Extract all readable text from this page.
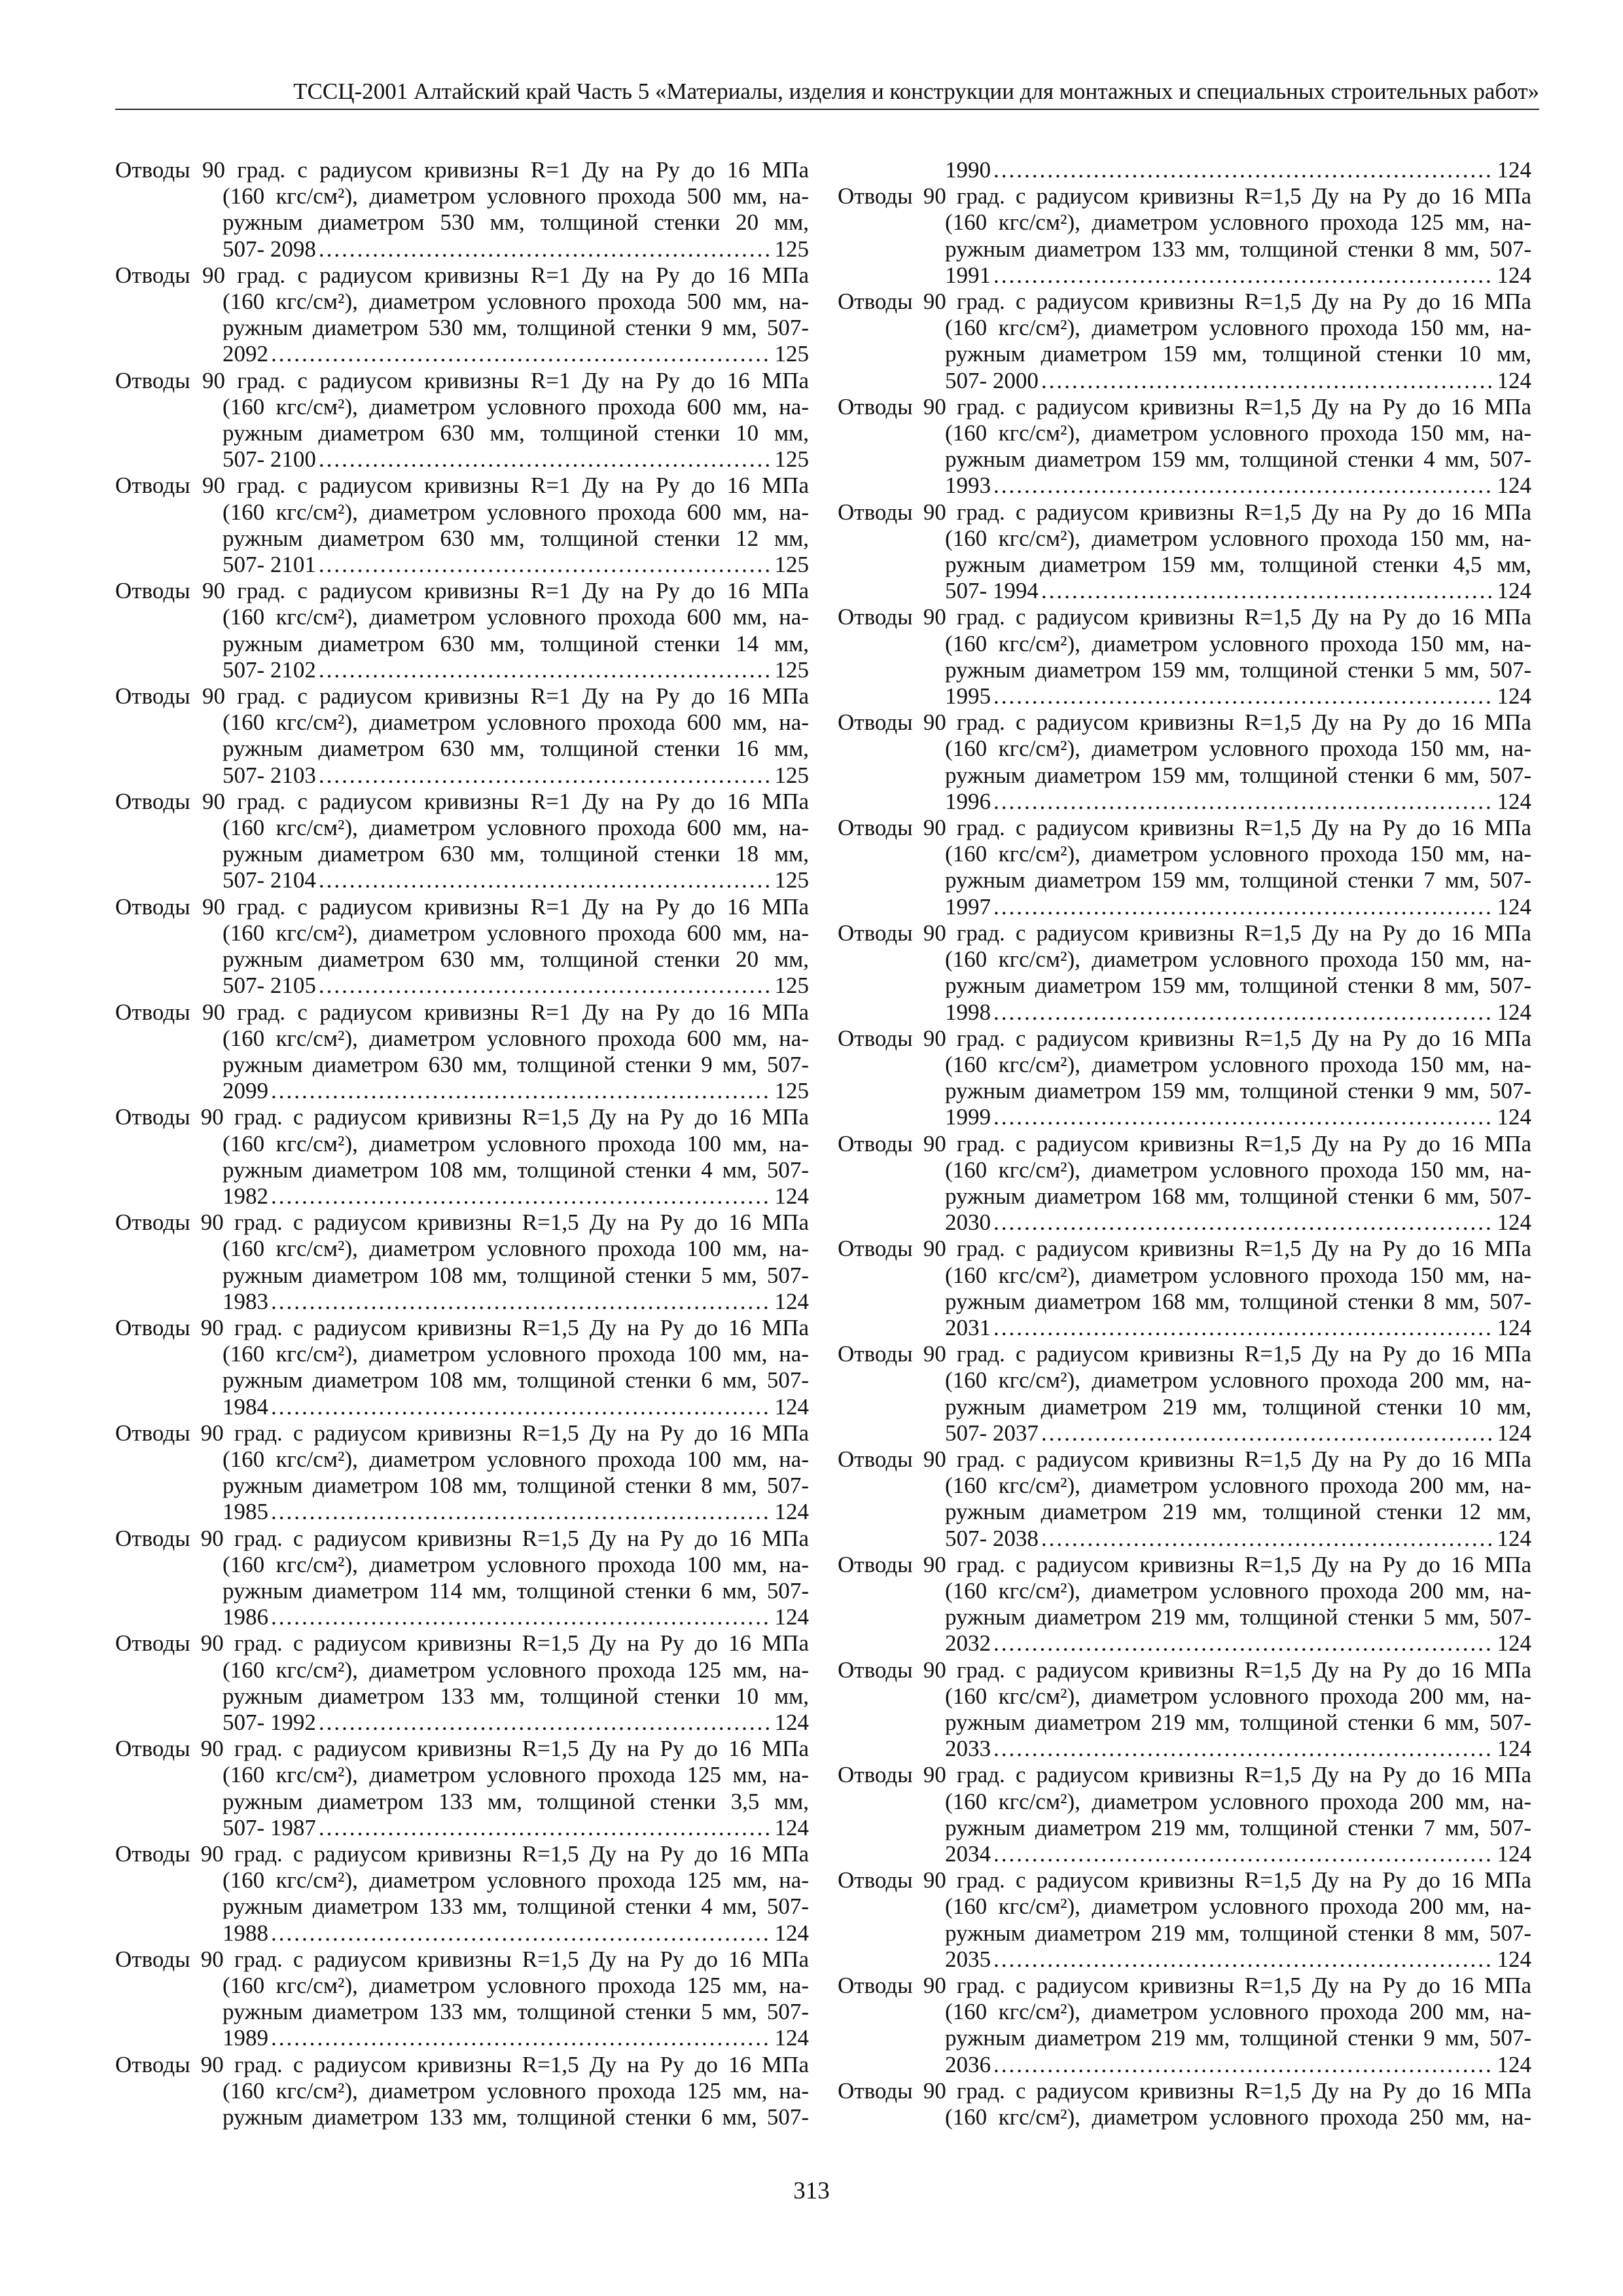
ТССЦ-2001 Алтайский край Часть 5 «Материалы, изделия и конструкции для монтажных и специальных строительных работ»
Отводы 90 град. с радиусом кривизны R=1 Ду на Ру до 16 МПа
(160 кгс/см²), диаметром условного прохода 500 мм, на-
ружным диаметром 530 мм, толщиной стенки 20 мм,
507- 2098 .....	125
Отводы 90 град. с радиусом кривизны R=1 Ду на Ру до 16 МПа
(160 кгс/см²), диаметром условного прохода 500 мм, на-
ружным диаметром 530 мм, толщиной стенки 9 мм, 507-
2092 .....	125
Отводы 90 град. с радиусом кривизны R=1 Ду на Ру до 16 МПа
(160 кгс/см²), диаметром условного прохода 600 мм, на-
ружным диаметром 630 мм, толщиной стенки 10 мм,
507- 2100 .....	125
Отводы 90 град. с радиусом кривизны R=1 Ду на Ру до 16 МПа
(160 кгс/см²), диаметром условного прохода 600 мм, на-
ружным диаметром 630 мм, толщиной стенки 12 мм,
507- 2101 .....	125
Отводы 90 град. с радиусом кривизны R=1 Ду на Ру до 16 МПа
(160 кгс/см²), диаметром условного прохода 600 мм, на-
ружным диаметром 630 мм, толщиной стенки 14 мм,
507- 2102 .....	125
Отводы 90 град. с радиусом кривизны R=1 Ду на Ру до 16 МПа
(160 кгс/см²), диаметром условного прохода 600 мм, на-
ружным диаметром 630 мм, толщиной стенки 16 мм,
507- 2103 .....	125
Отводы 90 град. с радиусом кривизны R=1 Ду на Ру до 16 МПа
(160 кгс/см²), диаметром условного прохода 600 мм, на-
ружным диаметром 630 мм, толщиной стенки 18 мм,
507- 2104 .....	125
Отводы 90 град. с радиусом кривизны R=1 Ду на Ру до 16 МПа
(160 кгс/см²), диаметром условного прохода 600 мм, на-
ружным диаметром 630 мм, толщиной стенки 20 мм,
507- 2105 .....	125
Отводы 90 град. с радиусом кривизны R=1 Ду на Ру до 16 МПа
(160 кгс/см²), диаметром условного прохода 600 мм, на-
ружным диаметром 630 мм, толщиной стенки 9 мм, 507-
2099 .....	125
Отводы 90 град. с радиусом кривизны R=1,5 Ду на Ру до 16 МПа
(160 кгс/см²), диаметром условного прохода 100 мм, на-
ружным диаметром 108 мм, толщиной стенки 4 мм, 507-
1982 .....	124
Отводы 90 град. с радиусом кривизны R=1,5 Ду на Ру до 16 МПа
(160 кгс/см²), диаметром условного прохода 100 мм, на-
ружным диаметром 108 мм, толщиной стенки 5 мм, 507-
1983 .....	124
Отводы 90 град. с радиусом кривизны R=1,5 Ду на Ру до 16 МПа
(160 кгс/см²), диаметром условного прохода 100 мм, на-
ружным диаметром 108 мм, толщиной стенки 6 мм, 507-
1984 .....	124
Отводы 90 град. с радиусом кривизны R=1,5 Ду на Ру до 16 МПа
(160 кгс/см²), диаметром условного прохода 100 мм, на-
ружным диаметром 108 мм, толщиной стенки 8 мм, 507-
1985 .....	124
Отводы 90 град. с радиусом кривизны R=1,5 Ду на Ру до 16 МПа
(160 кгс/см²), диаметром условного прохода 100 мм, на-
ружным диаметром 114 мм, толщиной стенки 6 мм, 507-
1986 .....	124
Отводы 90 град. с радиусом кривизны R=1,5 Ду на Ру до 16 МПа
(160 кгс/см²), диаметром условного прохода 125 мм, на-
ружным диаметром 133 мм, толщиной стенки 10 мм,
507- 1992 .....	124
Отводы 90 град. с радиусом кривизны R=1,5 Ду на Ру до 16 МПа
(160 кгс/см²), диаметром условного прохода 125 мм, на-
ружным диаметром 133 мм, толщиной стенки 3,5 мм,
507- 1987 .....	124
Отводы 90 град. с радиусом кривизны R=1,5 Ду на Ру до 16 МПа
(160 кгс/см²), диаметром условного прохода 125 мм, на-
ружным диаметром 133 мм, толщиной стенки 4 мм, 507-
1988 .....	124
Отводы 90 град. с радиусом кривизны R=1,5 Ду на Ру до 16 МПа
(160 кгс/см²), диаметром условного прохода 125 мм, на-
ружным диаметром 133 мм, толщиной стенки 5 мм, 507-
1989 .....	124
Отводы 90 град. с радиусом кривизны R=1,5 Ду на Ру до 16 МПа
(160 кгс/см²), диаметром условного прохода 125 мм, на-
ружным диаметром 133 мм, толщиной стенки 6 мм, 507-
1990 .....	124
Отводы 90 град. с радиусом кривизны R=1,5 Ду на Ру до 16 МПа
(160 кгс/см²), диаметром условного прохода 125 мм, на-
ружным диаметром 133 мм, толщиной стенки 8 мм, 507-
1991 .....	124
Отводы 90 град. с радиусом кривизны R=1,5 Ду на Ру до 16 МПа
(160 кгс/см²), диаметром условного прохода 150 мм, на-
ружным диаметром 159 мм, толщиной стенки 10 мм,
507- 2000 .....	124
Отводы 90 град. с радиусом кривизны R=1,5 Ду на Ру до 16 МПа
(160 кгс/см²), диаметром условного прохода 150 мм, на-
ружным диаметром 159 мм, толщиной стенки 4 мм, 507-
1993 .....	124
Отводы 90 град. с радиусом кривизны R=1,5 Ду на Ру до 16 МПа
(160 кгс/см²), диаметром условного прохода 150 мм, на-
ружным диаметром 159 мм, толщиной стенки 4,5 мм,
507- 1994 .....	124
Отводы 90 град. с радиусом кривизны R=1,5 Ду на Ру до 16 МПа
(160 кгс/см²), диаметром условного прохода 150 мм, на-
ружным диаметром 159 мм, толщиной стенки 5 мм, 507-
1995 .....	124
Отводы 90 град. с радиусом кривизны R=1,5 Ду на Ру до 16 МПа
(160 кгс/см²), диаметром условного прохода 150 мм, на-
ружным диаметром 159 мм, толщиной стенки 6 мм, 507-
1996 .....	124
Отводы 90 град. с радиусом кривизны R=1,5 Ду на Ру до 16 МПа
(160 кгс/см²), диаметром условного прохода 150 мм, на-
ружным диаметром 159 мм, толщиной стенки 7 мм, 507-
1997 .....	124
Отводы 90 град. с радиусом кривизны R=1,5 Ду на Ру до 16 МПа
(160 кгс/см²), диаметром условного прохода 150 мм, на-
ружным диаметром 159 мм, толщиной стенки 8 мм, 507-
1998 .....	124
Отводы 90 град. с радиусом кривизны R=1,5 Ду на Ру до 16 МПа
(160 кгс/см²), диаметром условного прохода 150 мм, на-
ружным диаметром 159 мм, толщиной стенки 9 мм, 507-
1999 .....	124
Отводы 90 град. с радиусом кривизны R=1,5 Ду на Ру до 16 МПа
(160 кгс/см²), диаметром условного прохода 150 мм, на-
ружным диаметром 168 мм, толщиной стенки 6 мм, 507-
2030 .....	124
Отводы 90 град. с радиусом кривизны R=1,5 Ду на Ру до 16 МПа
(160 кгс/см²), диаметром условного прохода 150 мм, на-
ружным диаметром 168 мм, толщиной стенки 8 мм, 507-
2031 .....	124
Отводы 90 град. с радиусом кривизны R=1,5 Ду на Ру до 16 МПа
(160 кгс/см²), диаметром условного прохода 200 мм, на-
ружным диаметром 219 мм, толщиной стенки 10 мм,
507- 2037 .....	124
Отводы 90 град. с радиусом кривизны R=1,5 Ду на Ру до 16 МПа
(160 кгс/см²), диаметром условного прохода 200 мм, на-
ружным диаметром 219 мм, толщиной стенки 12 мм,
507- 2038 .....	124
Отводы 90 град. с радиусом кривизны R=1,5 Ду на Ру до 16 МПа
(160 кгс/см²), диаметром условного прохода 200 мм, на-
ружным диаметром 219 мм, толщиной стенки 5 мм, 507-
2032 .....	124
Отводы 90 град. с радиусом кривизны R=1,5 Ду на Ру до 16 МПа
(160 кгс/см²), диаметром условного прохода 200 мм, на-
ружным диаметром 219 мм, толщиной стенки 6 мм, 507-
2033 .....	124
Отводы 90 град. с радиусом кривизны R=1,5 Ду на Ру до 16 МПа
(160 кгс/см²), диаметром условного прохода 200 мм, на-
ружным диаметром 219 мм, толщиной стенки 7 мм, 507-
2034 .....	124
Отводы 90 град. с радиусом кривизны R=1,5 Ду на Ру до 16 МПа
(160 кгс/см²), диаметром условного прохода 200 мм, на-
ружным диаметром 219 мм, толщиной стенки 8 мм, 507-
2035 .....	124
Отводы 90 град. с радиусом кривизны R=1,5 Ду на Ру до 16 МПа
(160 кгс/см²), диаметром условного прохода 200 мм, на-
ружным диаметром 219 мм, толщиной стенки 9 мм, 507-
2036 .....	124
Отводы 90 град. с радиусом кривизны R=1,5 Ду на Ру до 16 МПа
(160 кгс/см²), диаметром условного прохода 250 мм, на-
313
